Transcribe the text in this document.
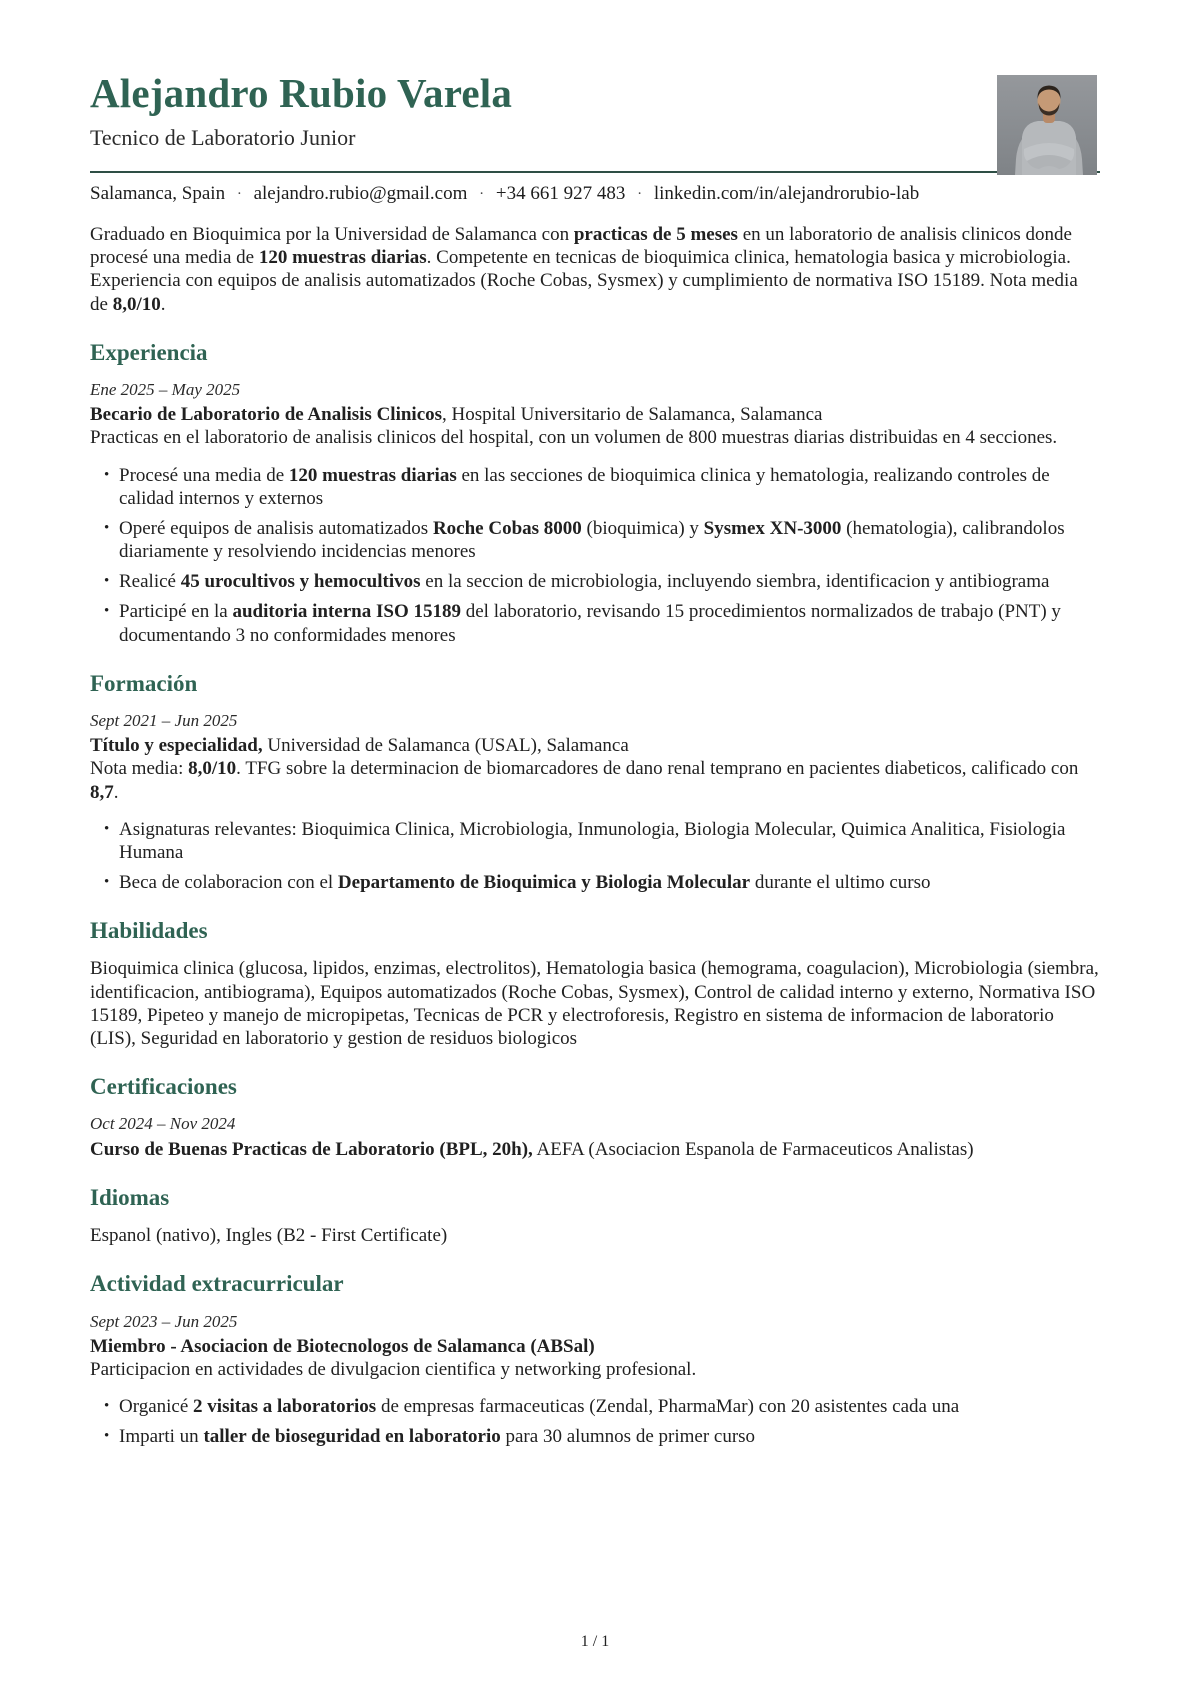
Alejandro Rubio Varela
Tecnico de Laboratorio Junior
Salamanca, Spain · alejandro.rubio@gmail.com · +34 661 927 483 · linkedin.com/in/alejandrorubio-lab

Graduado en Bioquimica por la Universidad de Salamanca con practicas de 5 meses en un laboratorio de analisis clinicos donde procesé una media de 120 muestras diarias. Competente en tecnicas de bioquimica clinica, hematologia basica y microbiologia. Experiencia con equipos de analisis automatizados (Roche Cobas, Sysmex) y cumplimiento de normativa ISO 15189. Nota media de 8,0/10.

Experiencia
Ene 2025 – May 2025
Becario de Laboratorio de Analisis Clinicos, Hospital Universitario de Salamanca, Salamanca
Practicas en el laboratorio de analisis clinicos del hospital, con un volumen de 800 muestras diarias distribuidas en 4 secciones.
• Procesé una media de 120 muestras diarias en las secciones de bioquimica clinica y hematologia, realizando controles de calidad internos y externos
• Operé equipos de analisis automatizados Roche Cobas 8000 (bioquimica) y Sysmex XN-3000 (hematologia), calibrandolos diariamente y resolviendo incidencias menores
• Realicé 45 urocultivos y hemocultivos en la seccion de microbiologia, incluyendo siembra, identificacion y antibiograma
• Participé en la auditoria interna ISO 15189 del laboratorio, revisando 15 procedimientos normalizados de trabajo (PNT) y documentando 3 no conformidades menores
Formación
Sept 2021 – Jun 2025
Título y especialidad, Universidad de Salamanca (USAL), Salamanca
Nota media: 8,0/10. TFG sobre la determinacion de biomarcadores de dano renal temprano en pacientes diabeticos, calificado con 8,7.
• Asignaturas relevantes: Bioquimica Clinica, Microbiologia, Inmunologia, Biologia Molecular, Quimica Analitica, Fisiologia Humana
• Beca de colaboracion con el Departamento de Bioquimica y Biologia Molecular durante el ultimo curso
Habilidades

Bioquimica clinica (glucosa, lipidos, enzimas, electrolitos), Hematologia basica (hemograma, coagulacion), Microbiologia (siembra, identificacion, antibiograma), Equipos automatizados (Roche Cobas, Sysmex), Control de calidad interno y externo, Normativa ISO 15189, Pipeteo y manejo de micropipetas, Tecnicas de PCR y electroforesis, Registro en sistema de informacion de laboratorio (LIS), Seguridad en laboratorio y gestion de residuos biologicos

Certificaciones
Oct 2024 – Nov 2024
Curso de Buenas Practicas de Laboratorio (BPL, 20h), AEFA (Asociacion Espanola de Farmaceuticos Analistas)
Idiomas

Espanol (nativo), Ingles (B2 - First Certificate)

Actividad extracurricular
Sept 2023 – Jun 2025
Miembro - Asociacion de Biotecnologos de Salamanca (ABSal)
Participacion en actividades de divulgacion cientifica y networking profesional.
• Organicé 2 visitas a laboratorios de empresas farmaceuticas (Zendal, PharmaMar) con 20 asistentes cada una
• Imparti un taller de bioseguridad en laboratorio para 30 alumnos de primer curso
1 / 1
